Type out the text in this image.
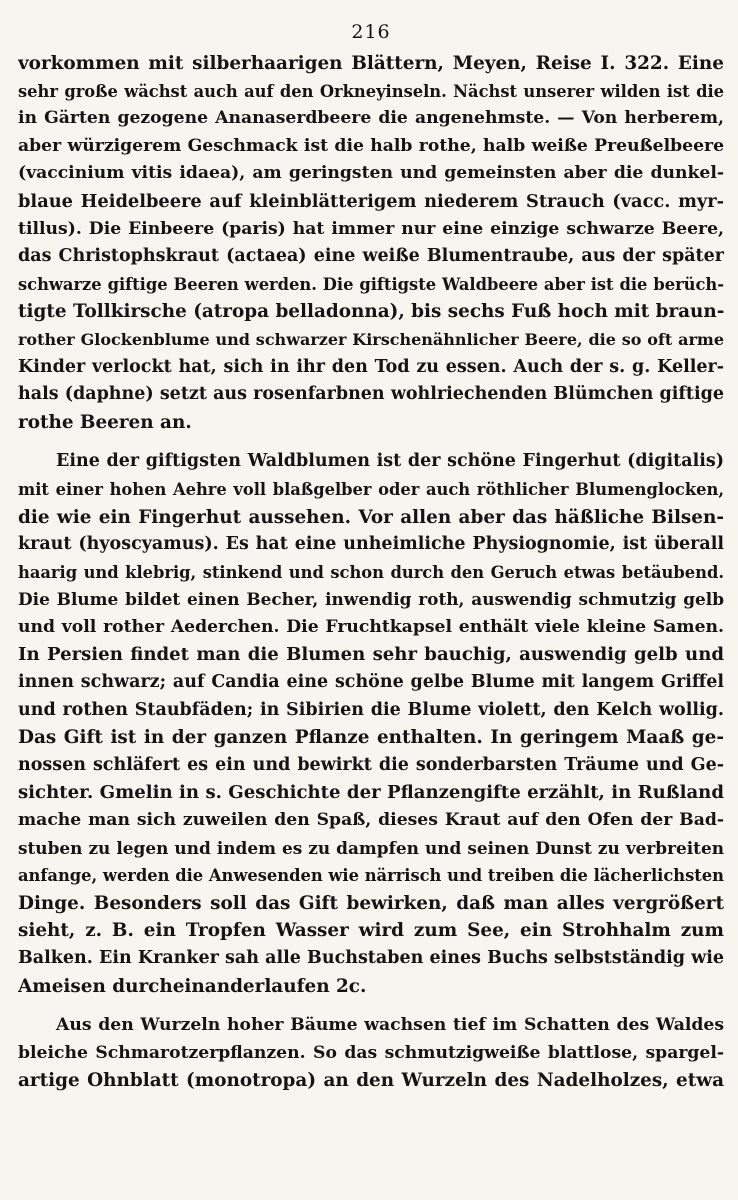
216
vorkommen mit silberhaarigen Blättern, Meyen, Reise I. 322. Eine
sehr große wächst auch auf den Orkneyinseln. Nächst unserer wilden ist die
in Gärten gezogene Ananaserdbeere die angenehmste. — Von herberem,
aber würzigerem Geschmack ist die halb rothe, halb weiße Preußelbeere
(vaccinium vitis idaea), am geringsten und gemeinsten aber die dunkel-
blaue Heidelbeere auf kleinblätterigem niederem Strauch (vacc. myr-
tillus). Die Einbeere (paris) hat immer nur eine einzige schwarze Beere,
das Christophskraut (actaea) eine weiße Blumentraube, aus der später
schwarze giftige Beeren werden. Die giftigste Waldbeere aber ist die berüch-
tigte Tollkirsche (atropa belladonna), bis sechs Fuß hoch mit braun-
rother Glockenblume und schwarzer Kirschenähnlicher Beere, die so oft arme
Kinder verlockt hat, sich in ihr den Tod zu essen. Auch der s. g. Keller-
hals (daphne) setzt aus rosenfarbnen wohlriechenden Blümchen giftige
rothe Beeren an.
Eine der giftigsten Waldblumen ist der schöne Fingerhut (digitalis)
mit einer hohen Aehre voll blaßgelber oder auch röthlicher Blumenglocken,
die wie ein Fingerhut aussehen. Vor allen aber das häßliche Bilsen-
kraut (hyoscyamus). Es hat eine unheimliche Physiognomie, ist überall
haarig und klebrig, stinkend und schon durch den Geruch etwas betäubend.
Die Blume bildet einen Becher, inwendig roth, auswendig schmutzig gelb
und voll rother Aederchen. Die Fruchtkapsel enthält viele kleine Samen.
In Persien findet man die Blumen sehr bauchig, auswendig gelb und
innen schwarz; auf Candia eine schöne gelbe Blume mit langem Griffel
und rothen Staubfäden; in Sibirien die Blume violett, den Kelch wollig.
Das Gift ist in der ganzen Pflanze enthalten. In geringem Maaß ge-
nossen schläfert es ein und bewirkt die sonderbarsten Träume und Ge-
sichter. Gmelin in s. Geschichte der Pflanzengifte erzählt, in Rußland
mache man sich zuweilen den Spaß, dieses Kraut auf den Ofen der Bad-
stuben zu legen und indem es zu dampfen und seinen Dunst zu verbreiten
anfange, werden die Anwesenden wie närrisch und treiben die lächerlichsten
Dinge. Besonders soll das Gift bewirken, daß man alles vergrößert
sieht, z. B. ein Tropfen Wasser wird zum See, ein Strohhalm zum
Balken. Ein Kranker sah alle Buchstaben eines Buchs selbstständig wie
Ameisen durcheinanderlaufen 2c.
Aus den Wurzeln hoher Bäume wachsen tief im Schatten des Waldes
bleiche Schmarotzerpflanzen. So das schmutzigweiße blattlose, spargel-
artige Ohnblatt (monotropa) an den Wurzeln des Nadelholzes, etwa
